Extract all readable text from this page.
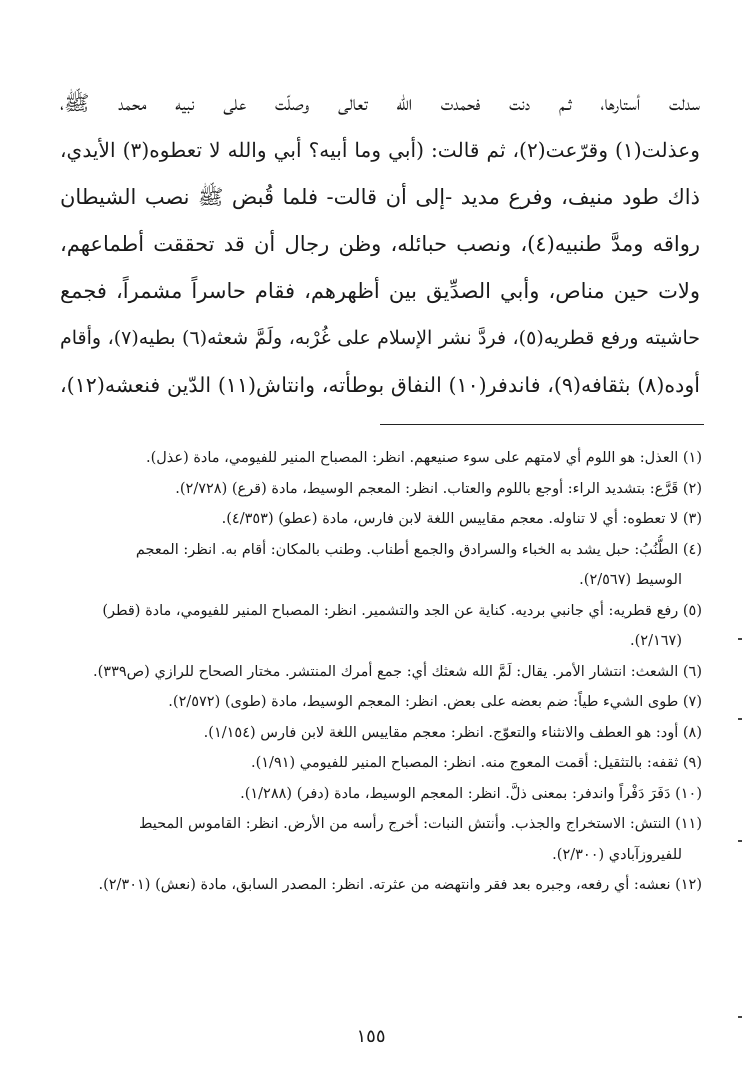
سدلت أستارها، ثـم دنت فحمدت الله تعالى وصلّت على نبيه محمد ﷺ،
وعذلت(١) وقرّعت(٢)، ثم قالت: (أبي وما أبيه؟ أبي والله لا تعطوه(٣) الأيدي،
ذاك طود منيف، وفرع مديد -إلى أن قالت- فلما قُبض ﷺ نصب الشيطان
رواقه ومدَّ طنبيه(٤)، ونصب حبائله، وظن رجال أن قد تحققت أطماعهم،
ولات حين مناص، وأبي الصدِّيق بين أظهرهم، فقام حاسراً مشمراً، فجمع
حاشيته ورفع قطريه(٥)، فردَّ نشر الإسلام على غُرْبه، ولَمَّ شعثه(٦) بطيه(٧)، وأقام
أوده(٨) بثقافه(٩)، فاندفر(١٠) النفاق بوطأته، وانتاش(١١) الدّين فنعشه(١٢)،
(١) العذل: هو اللوم أي لامتهم على سوء صنيعهم. انظر: المصباح المنير للفيومي، مادة (عذل).
(٢) قَرَّع: بتشديد الراء: أوجع باللوم والعتاب. انظر: المعجم الوسيط، مادة (قرع) (٢/٧٢٨).
(٣) لا تعطوه: أي لا تناوله. معجم مقاييس اللغة لابن فارس، مادة (عطو) (٤/٣٥٣).
(٤) الطُّنُبُ: حبل يشد به الخباء والسرادق والجمع أطناب. وطنب بالمكان: أقام به. انظر: المعجم
الوسيط (٢/٥٦٧).
(٥) رفع قطريه: أي جانبي برديه. كناية عن الجد والتشمير. انظر: المصباح المنير للفيومي، مادة (قطر)
(٢/١٦٧).
(٦) الشعث: انتشار الأمر. يقال: لَمَّ الله شعثك أي: جمع أمرك المنتشر. مختار الصحاح للرازي (ص٣٣٩).
(٧) طوى الشيء طياً: ضم بعضه على بعض. انظر: المعجم الوسيط، مادة (طوى) (٢/٥٧٢).
(٨) أود: هو العطف والانثناء والتعوّج. انظر: معجم مقاييس اللغة لابن فارس (١/١٥٤).
(٩) ثقفه: بالتثقيل: أقمت المعوج منه. انظر: المصباح المنير للفيومي (١/٩١).
(١٠) دَفَرَ دَفْراً واندفر: بمعنى ذلَّ. انظر: المعجم الوسيط، مادة (دفر) (١/٢٨٨).
(١١) النتش: الاستخراج والجذب. وأنتش النبات: أخرج رأسه من الأرض. انظر: القاموس المحيط
للفيروزآبادي (٢/٣٠٠).
(١٢) نعشه: أي رفعه، وجبره بعد فقر وانتهضه من عثرته. انظر: المصدر السابق، مادة (نعش) (٢/٣٠١).
١٥٥
